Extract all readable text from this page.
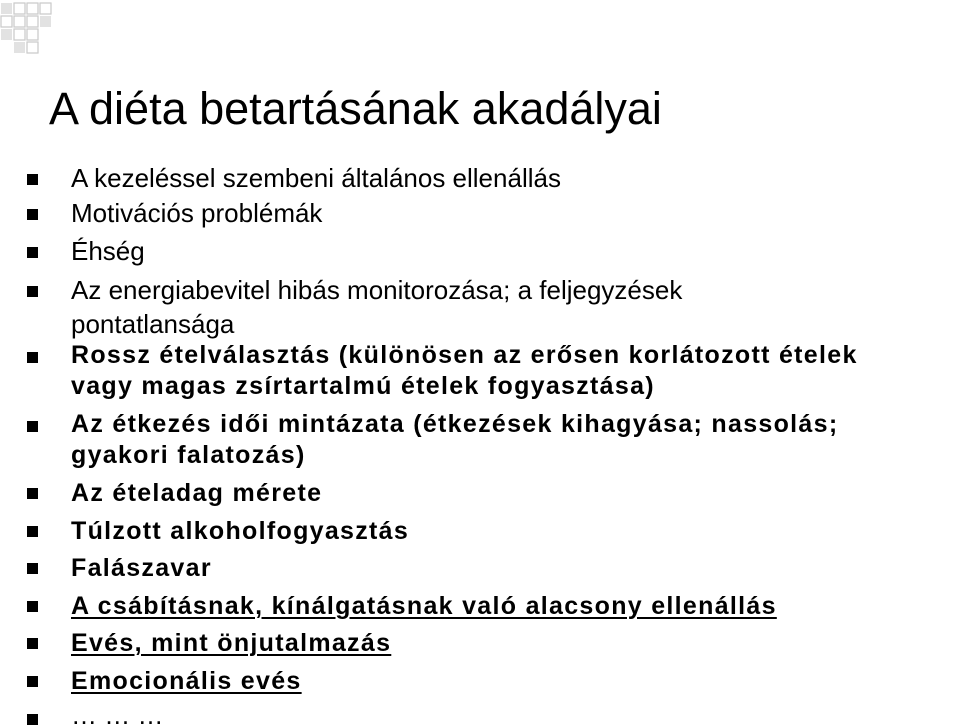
A diéta betartásának akadályai
A kezeléssel szembeni általános ellenállás
Motivációs problémák
Éhség
Az energiabevitel hibás monitorozása; a feljegyzések
pontatlansága
Rossz ételválasztás (különösen az erősen korlátozott ételek
vagy magas zsírtartalmú ételek fogyasztása)
Az étkezés idői mintázata (étkezések kihagyása; nassolás;
gyakori falatozás)
Az ételadag mérete
Túlzott alkoholfogyasztás
Falászavar
A csábításnak, kínálgatásnak való alacsony ellenállás
Evés, mint önjutalmazás
Emocionális evés
… … …
